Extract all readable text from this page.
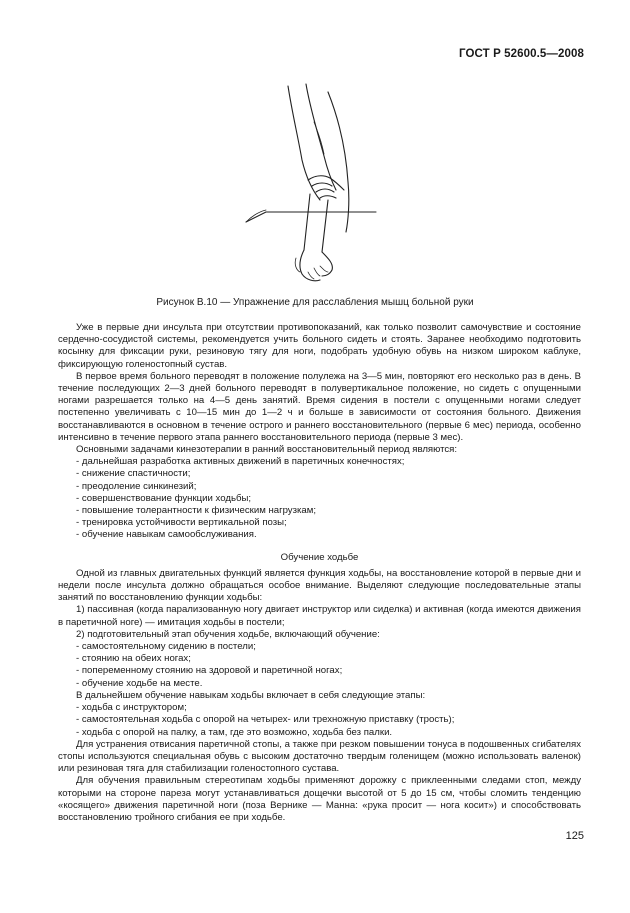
ГОСТ Р 52600.5—2008
Рисунок В.10 — Упражнение для расслабления мышц больной руки

Уже в первые дни инсульта при отсутствии противопоказаний, как только позволит самочувствие и состояние сердечно-сосудистой системы, рекомендуется учить больного сидеть и стоять. Заранее необходимо подготовить косынку для фиксации руки, резиновую тягу для ноги, подобрать удобную обувь на низком широком каблуке, фиксирующую голеностопный сустав.

В первое время больного переводят в положение полулежа на 3—5 мин, повторяют его несколько раз в день. В течение последующих 2—3 дней больного переводят в полувертикальное положение, но сидеть с опущенными ногами разрешается только на 4—5 день занятий. Время сидения в постели с опущенными ногами следует постепенно увеличивать с 10—15 мин до 1—2 ч и больше в зависимости от состояния больного. Движения восстанавливаются в основном в течение острого и раннего восстановительного (первые 6 мес) периода, особенно интенсивно в течение первого этапа раннего восстановительного периода (первые 3 мес).

Основными задачами кинезотерапии в ранний восстановительный период являются:

- дальнейшая разработка активных движений в паретичных конечностях;

- снижение спастичности;

- преодоление синкинезий;

- совершенствование функции ходьбы;

- повышение толерантности к физическим нагрузкам;

- тренировка устойчивости вертикальной позы;

- обучение навыкам самообслуживания.

Обучение ходьбе

Одной из главных двигательных функций является функция ходьбы, на восстановление которой в первые дни и недели после инсульта должно обращаться особое внимание. Выделяют следующие последовательные этапы занятий по восстановлению функции ходьбы:

1) пассивная (когда парализованную ногу двигает инструктор или сиделка) и активная (когда имеются движения в паретичной ноге) — имитация ходьбы в постели;

2) подготовительный этап обучения ходьбе, включающий обучение:

- самостоятельному сидению в постели;

- стоянию на обеих ногах;

- попеременному стоянию на здоровой и паретичной ногах;

- обучение ходьбе на месте.

В дальнейшем обучение навыкам ходьбы включает в себя следующие этапы:

- ходьба с инструктором;

- самостоятельная ходьба с опорой на четырех- или трехножную приставку (трость);

- ходьба с опорой на палку, а там, где это возможно, ходьба без палки.

Для устранения отвисания паретичной стопы, а также при резком повышении тонуса в подошвенных сгибателях стопы используются специальная обувь с высоким достаточно твердым голенищем (можно использовать валенок) или резиновая тяга для стабилизации голеностопного сустава.

Для обучения правильным стереотипам ходьбы применяют дорожку с приклеенными следами стоп, между которыми на стороне пареза могут устанавливаться дощечки высотой от 5 до 15 см, чтобы сломить тенденцию «косящего» движения паретичной ноги (поза Вернике — Манна: «рука просит — нога косит») и способствовать восстановлению тройного сгибания ее при ходьбе.

125
